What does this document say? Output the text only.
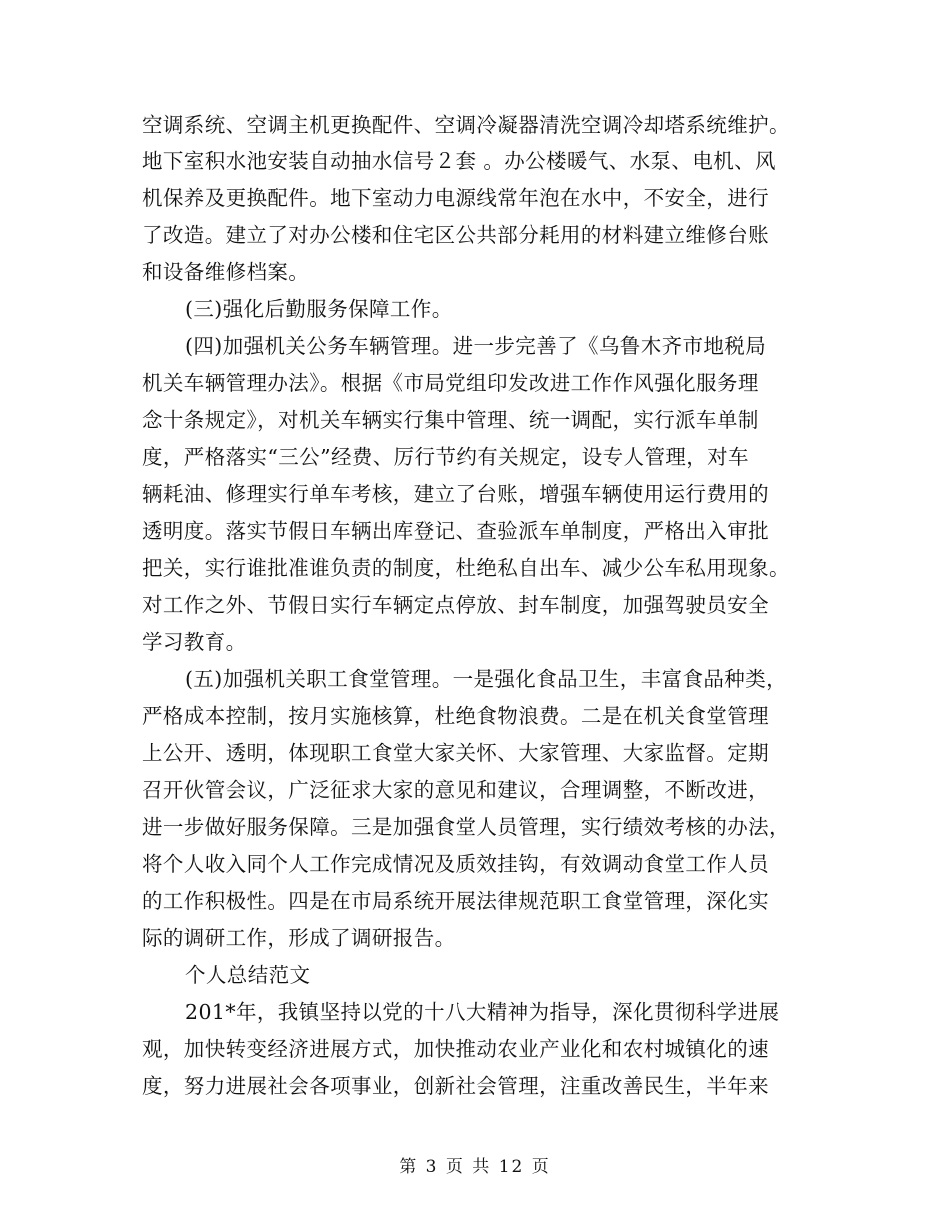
空调系统、空调主机更换配件、空调冷凝器清洗空调冷却塔系统维护。
地下室积水池安装自动抽水信号２套 。办公楼暖气、水泵、电机、风
机保养及更换配件。地下室动力电源线常年泡在水中，不安全，进行
了改造。建立了对办公楼和住宅区公共部分耗用的材料建立维修台账
和设备维修档案。
(三)强化后勤服务保障工作。
(四)加强机关公务车辆管理。进一步完善了《乌鲁木齐市地税局
机关车辆管理办法》。根据《市局党组印发改进工作作风强化服务理
念十条规定》，对机关车辆实行集中管理、统一调配，实行派车单制
度，严格落实“三公”经费、厉行节约有关规定，设专人管理，对车
辆耗油、修理实行单车考核，建立了台账，增强车辆使用运行费用的
透明度。落实节假日车辆出库登记、查验派车单制度，严格出入审批
把关，实行谁批准谁负责的制度，杜绝私自出车、减少公车私用现象。
对工作之外、节假日实行车辆定点停放、封车制度，加强驾驶员安全
学习教育。
(五)加强机关职工食堂管理。一是强化食品卫生，丰富食品种类，
严格成本控制，按月实施核算，杜绝食物浪费。二是在机关食堂管理
上公开、透明，体现职工食堂大家关怀、大家管理、大家监督。定期
召开伙管会议，广泛征求大家的意见和建议，合理调整，不断改进，
进一步做好服务保障。三是加强食堂人员管理，实行绩效考核的办法，
将个人收入同个人工作完成情况及质效挂钩，有效调动食堂工作人员
的工作积极性。四是在市局系统开展法律规范职工食堂管理，深化实
际的调研工作，形成了调研报告。
个人总结范文
201*年，我镇坚持以党的十八大精神为指导，深化贯彻科学进展
观，加快转变经济进展方式，加快推动农业产业化和农村城镇化的速
度，努力进展社会各项事业，创新社会管理，注重改善民生，半年来
第 3 页 共 12 页
